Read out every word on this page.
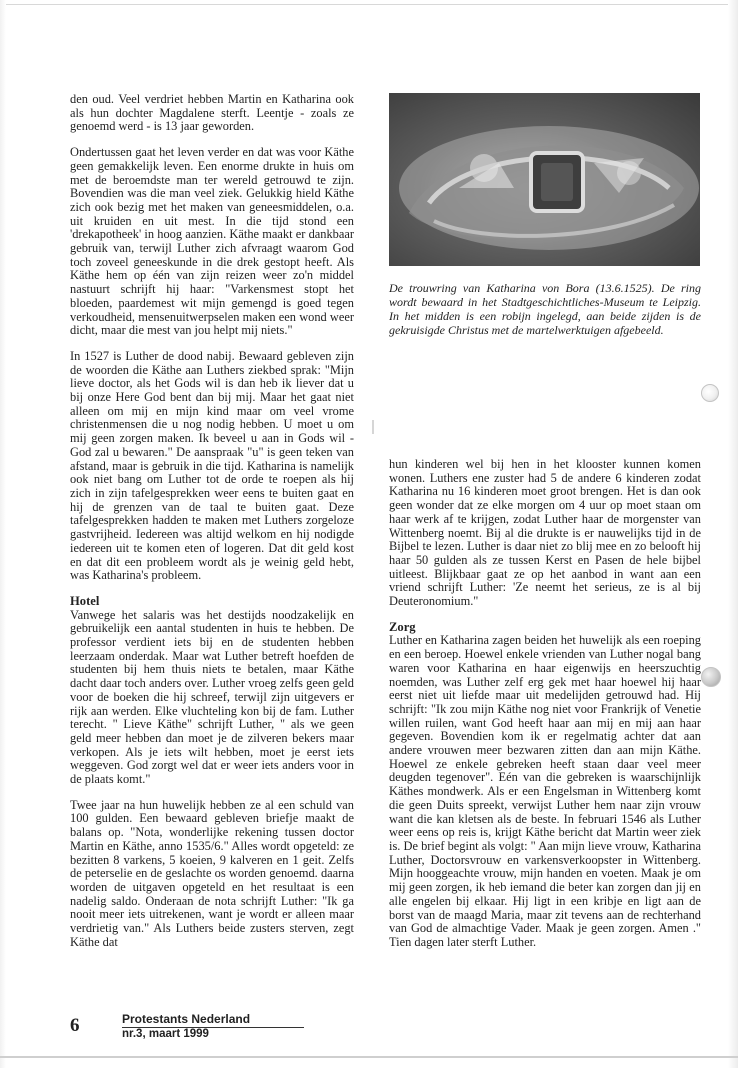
den oud. Veel verdriet hebben Martin en Katharina ook als hun dochter Magdalene sterft. Leentje - zoals ze genoemd werd - is 13 jaar geworden.

Ondertussen gaat het leven verder en dat was voor Käthe geen gemakkelijk leven. Een enorme drukte in huis om met de beroemdste man ter wereld getrouwd te zijn. Bovendien was die man veel ziek. Gelukkig hield Käthe zich ook bezig met het maken van geneesmiddelen, o.a. uit kruiden en uit mest. In die tijd stond een 'drekapotheek' in hoog aanzien. Käthe maakt er dankbaar gebruik van, terwijl Luther zich afvraagt waarom God toch zoveel geneeskunde in die drek gestopt heeft. Als Käthe hem op één van zijn reizen weer zo'n middel nastuurt schrijft hij haar: "Varkensmest stopt het bloeden, paardemest wit mijn gemengd is goed tegen verkoudheid, mensenuitwerpselen maken een wond weer dicht, maar die mest van jou helpt mij niets."

In 1527 is Luther de dood nabij. Bewaard gebleven zijn de woorden die Käthe aan Luthers ziekbed sprak: "Mijn lieve doctor, als het Gods wil is dan heb ik liever dat u bij onze Here God bent dan bij mij. Maar het gaat niet alleen om mij en mijn kind maar om veel vrome christenmensen die u nog nodig hebben. U moet u om mij geen zorgen maken. Ik beveel u aan in Gods wil - God zal u bewaren." De aanspraak "u" is geen teken van afstand, maar is gebruik in die tijd. Katharina is namelijk ook niet bang om Luther tot de orde te roepen als hij zich in zijn tafelgesprekken weer eens te buiten gaat en hij de grenzen van de taal te buiten gaat. Deze tafelgesprekken hadden te maken met Luthers zorgeloze gastvrijheid. Iedereen was altijd welkom en hij nodigde iedereen uit te komen eten of logeren. Dat dit geld kost en dat dit een probleem wordt als je weinig geld hebt, was Katharina's probleem.

Hotel

Vanwege het salaris was het destijds noodzakelijk en gebruikelijk een aantal studenten in huis te hebben. De professor verdient iets bij en de studenten hebben leerzaam onderdak. Maar wat Luther betreft hoefden de studenten bij hem thuis niets te betalen, maar Käthe dacht daar toch anders over. Luther vroeg zelfs geen geld voor de boeken die hij schreef, terwijl zijn uitgevers er rijk aan werden. Elke vluchteling kon bij de fam. Luther terecht. " Lieve Käthe" schrijft Luther, " als we geen geld meer hebben dan moet je de zilveren bekers maar verkopen. Als je iets wilt hebben, moet je eerst iets weggeven. God zorgt wel dat er weer iets anders voor in de plaats komt."

Twee jaar na hun huwelijk hebben ze al een schuld van 100 gulden. Een bewaard gebleven briefje maakt de balans op. "Nota, wonderlijke rekening tussen doctor Martin en Käthe, anno 1535/6." Alles wordt opgeteld: ze bezitten 8 varkens, 5 koeien, 9 kalveren en 1 geit. Zelfs de peterselie en de geslachte os worden genoemd. daarna worden de uitgaven opgeteld en het resultaat is een nadelig saldo. Onderaan de nota schrijft Luther: "Ik ga nooit meer iets uitrekenen, want je wordt er alleen maar verdrietig van." Als Luthers beide zusters sterven, zegt Käthe dat

De trouwring van Katharina von Bora (13.6.1525). De ring wordt bewaard in het Stadtgeschichtliches-Museum te Leipzig. In het midden is een robijn ingelegd, aan beide zijden is de gekruisigde Christus met de martelwerktuigen afgebeeld.

hun kinderen wel bij hen in het klooster kunnen komen wonen. Luthers ene zuster had 5 de andere 6 kinderen zodat Katharina nu 16 kinderen moet groot brengen. Het is dan ook geen wonder dat ze elke morgen om 4 uur op moet staan om haar werk af te krijgen, zodat Luther haar de morgenster van Wittenberg noemt. Bij al die drukte is er nauwelijks tijd in de Bijbel te lezen. Luther is daar niet zo blij mee en zo belooft hij haar 50 gulden als ze tussen Kerst en Pasen de hele bijbel uitleest. Blijkbaar gaat ze op het aanbod in want aan een vriend schrijft Luther: 'Ze neemt het serieus, ze is al bij Deuteronomium."

Zorg

Luther en Katharina zagen beiden het huwelijk als een roeping en een beroep. Hoewel enkele vrienden van Luther nogal bang waren voor Katharina en haar eigenwijs en heerszuchtig noemden, was Luther zelf erg gek met haar hoewel hij haar eerst niet uit liefde maar uit medelijden getrouwd had. Hij schrijft: "Ik zou mijn Käthe nog niet voor Frankrijk of Venetie willen ruilen, want God heeft haar aan mij en mij aan haar gegeven. Bovendien kom ik er regelmatig achter dat aan andere vrouwen meer bezwaren zitten dan aan mijn Käthe. Hoewel ze enkele gebreken heeft staan daar veel meer deugden tegenover". Eén van die gebreken is waarschijnlijk Käthes mondwerk. Als er een Engelsman in Wittenberg komt die geen Duits spreekt, verwijst Luther hem naar zijn vrouw want die kan kletsen als de beste. In februari 1546 als Luther weer eens op reis is, krijgt Käthe bericht dat Martin weer ziek is. De brief begint als volgt: " Aan mijn lieve vrouw, Katharina Luther, Doctorsvrouw en varkensverkoopster in Wittenberg. Mijn hooggeachte vrouw, mijn handen en voeten. Maak je om mij geen zorgen, ik heb iemand die beter kan zorgen dan jij en alle engelen bij elkaar. Hij ligt in een kribje en ligt aan de borst van de maagd Maria, maar zit tevens aan de rechterhand van God de almachtige Vader. Maak je geen zorgen. Amen ." Tien dagen later sterft Luther.

6	Protestants Nederland
nr.3, maart 1999
